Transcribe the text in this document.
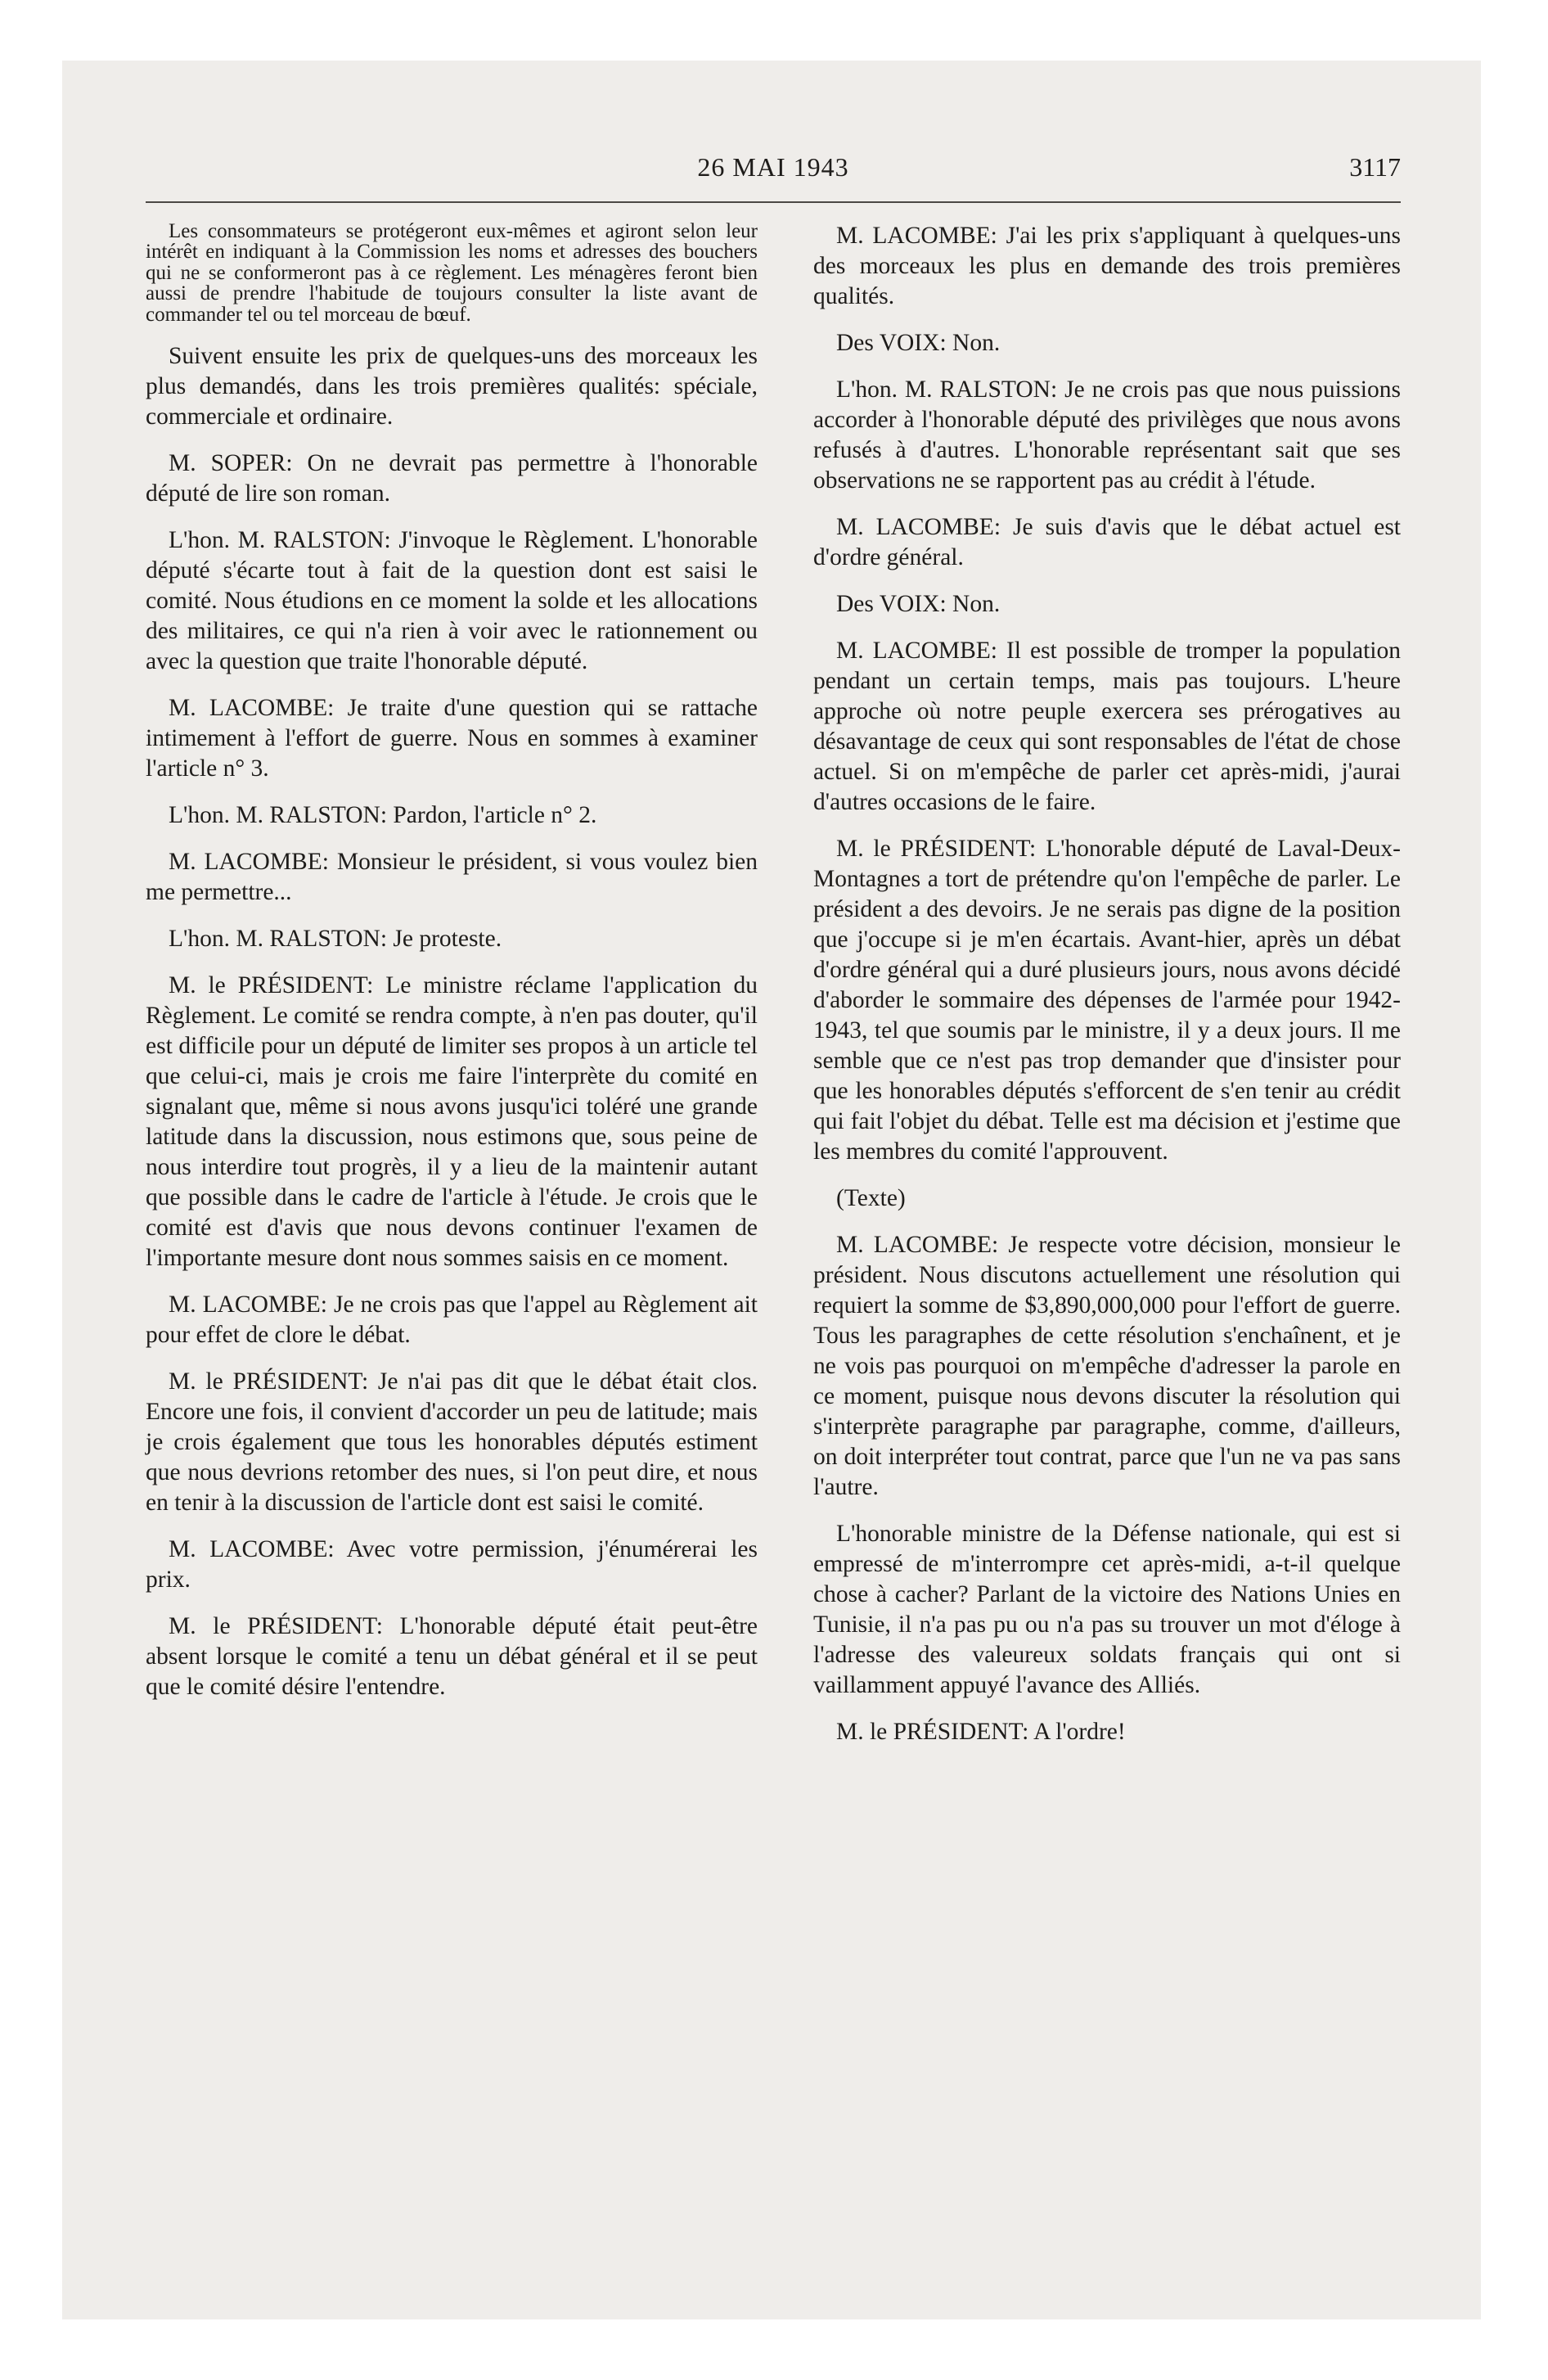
26 MAI 1943	3117

Les consommateurs se protégeront eux-mêmes et agiront selon leur intérêt en indiquant à la Commission les noms et adresses des bouchers qui ne se conformeront pas à ce règlement. Les ménagères feront bien aussi de prendre l'habitude de toujours consulter la liste avant de commander tel ou tel morceau de bœuf.

Suivent ensuite les prix de quelques-uns des morceaux les plus demandés, dans les trois premières qualités: spéciale, commerciale et ordinaire.

M. SOPER: On ne devrait pas permettre à l'honorable député de lire son roman.

L'hon. M. RALSTON: J'invoque le Règlement. L'honorable député s'écarte tout à fait de la question dont est saisi le comité. Nous étudions en ce moment la solde et les allocations des militaires, ce qui n'a rien à voir avec le rationnement ou avec la question que traite l'honorable député.

M. LACOMBE: Je traite d'une question qui se rattache intimement à l'effort de guerre. Nous en sommes à examiner l'article n° 3.

L'hon. M. RALSTON: Pardon, l'article n° 2.

M. LACOMBE: Monsieur le président, si vous voulez bien me permettre...

L'hon. M. RALSTON: Je proteste.

M. le PRÉSIDENT: Le ministre réclame l'application du Règlement. Le comité se rendra compte, à n'en pas douter, qu'il est difficile pour un député de limiter ses propos à un article tel que celui-ci, mais je crois me faire l'interprète du comité en signalant que, même si nous avons jusqu'ici toléré une grande latitude dans la discussion, nous estimons que, sous peine de nous interdire tout progrès, il y a lieu de la maintenir autant que possible dans le cadre de l'article à l'étude. Je crois que le comité est d'avis que nous devons continuer l'examen de l'importante mesure dont nous sommes saisis en ce moment.

M. LACOMBE: Je ne crois pas que l'appel au Règlement ait pour effet de clore le débat.

M. le PRÉSIDENT: Je n'ai pas dit que le débat était clos. Encore une fois, il convient d'accorder un peu de latitude; mais je crois également que tous les honorables députés estiment que nous devrions retomber des nues, si l'on peut dire, et nous en tenir à la discussion de l'article dont est saisi le comité.

M. LACOMBE: Avec votre permission, j'énumérerai les prix.

M. le PRÉSIDENT: L'honorable député était peut-être absent lorsque le comité a tenu un débat général et il se peut que le comité désire l'entendre.

M. LACOMBE: J'ai les prix s'appliquant à quelques-uns des morceaux les plus en demande des trois premières qualités.

Des VOIX: Non.

L'hon. M. RALSTON: Je ne crois pas que nous puissions accorder à l'honorable député des privilèges que nous avons refusés à d'autres. L'honorable représentant sait que ses observations ne se rapportent pas au crédit à l'étude.

M. LACOMBE: Je suis d'avis que le débat actuel est d'ordre général.

Des VOIX: Non.

M. LACOMBE: Il est possible de tromper la population pendant un certain temps, mais pas toujours. L'heure approche où notre peuple exercera ses prérogatives au désavantage de ceux qui sont responsables de l'état de chose actuel. Si on m'empêche de parler cet après-midi, j'aurai d'autres occasions de le faire.

M. le PRÉSIDENT: L'honorable député de Laval-Deux-Montagnes a tort de prétendre qu'on l'empêche de parler. Le président a des devoirs. Je ne serais pas digne de la position que j'occupe si je m'en écartais. Avant-hier, après un débat d'ordre général qui a duré plusieurs jours, nous avons décidé d'aborder le sommaire des dépenses de l'armée pour 1942-1943, tel que soumis par le ministre, il y a deux jours. Il me semble que ce n'est pas trop demander que d'insister pour que les honorables députés s'efforcent de s'en tenir au crédit qui fait l'objet du débat. Telle est ma décision et j'estime que les membres du comité l'approuvent.

(Texte)

M. LACOMBE: Je respecte votre décision, monsieur le président. Nous discutons actuellement une résolution qui requiert la somme de $3,890,000,000 pour l'effort de guerre. Tous les paragraphes de cette résolution s'enchaînent, et je ne vois pas pourquoi on m'empêche d'adresser la parole en ce moment, puisque nous devons discuter la résolution qui s'interprète paragraphe par paragraphe, comme, d'ailleurs, on doit interpréter tout contrat, parce que l'un ne va pas sans l'autre.

L'honorable ministre de la Défense nationale, qui est si empressé de m'interrompre cet après-midi, a-t-il quelque chose à cacher? Parlant de la victoire des Nations Unies en Tunisie, il n'a pas pu ou n'a pas su trouver un mot d'éloge à l'adresse des valeureux soldats français qui ont si vaillamment appuyé l'avance des Alliés.

M. le PRÉSIDENT: A l'ordre!
